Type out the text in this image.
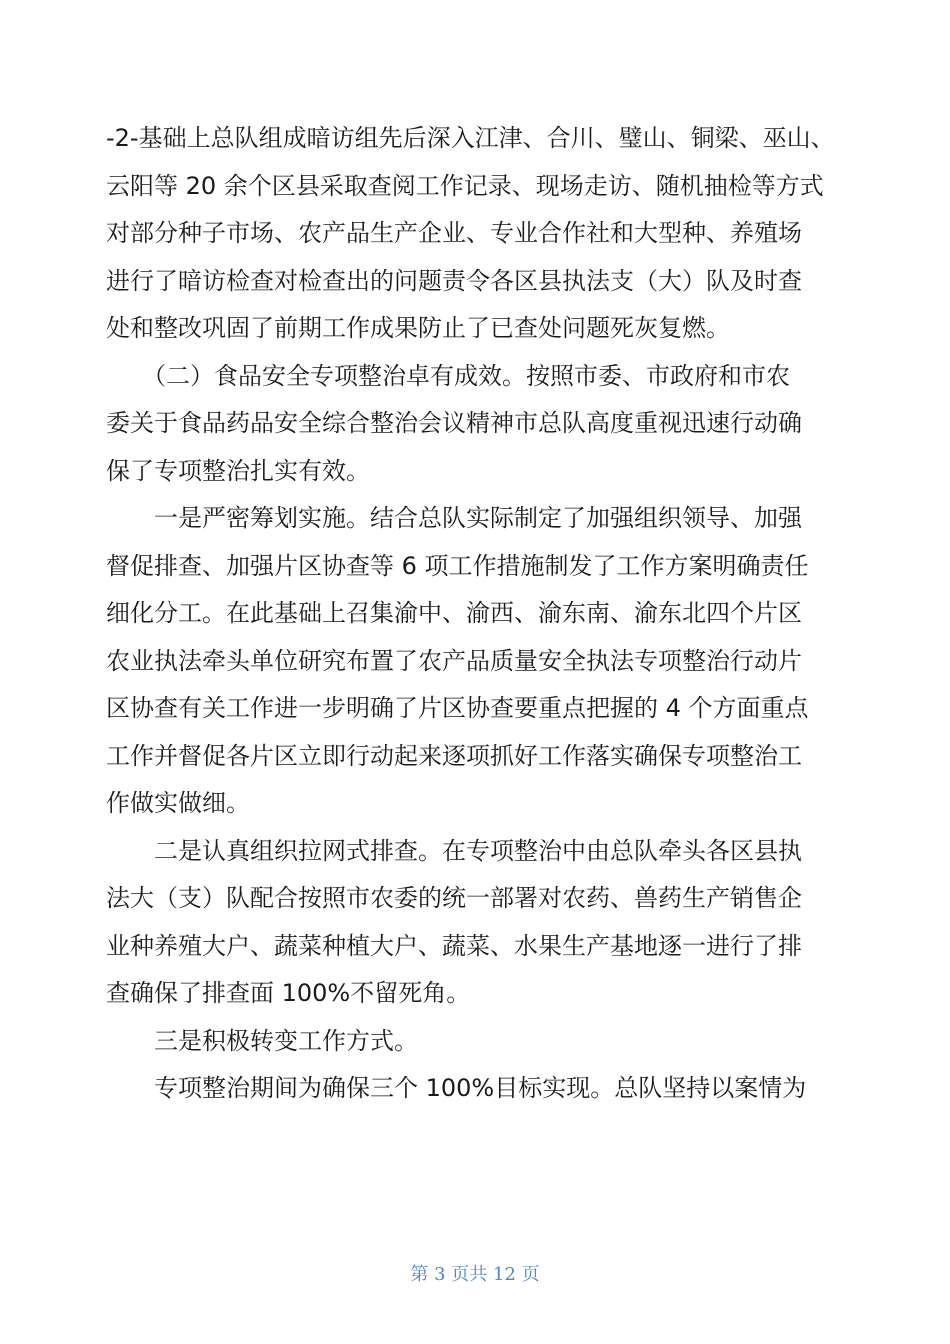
-2-基础上总队组成暗访组先后深入江津、合川、璧山、铜梁、巫山、
云阳等 20 余个区县采取查阅工作记录、现场走访、随机抽检等方式
对部分种子市场、农产品生产企业、专业合作社和大型种、养殖场
进行了暗访检查对检查出的问题责令各区县执法支（大）队及时查
处和整改巩固了前期工作成果防止了已查处问题死灰复燃。
　　（二）食品安全专项整治卓有成效。按照市委、市政府和市农
委关于食品药品安全综合整治会议精神市总队高度重视迅速行动确
保了专项整治扎实有效。
　　一是严密筹划实施。结合总队实际制定了加强组织领导、加强
督促排查、加强片区协查等 6 项工作措施制发了工作方案明确责任
细化分工。在此基础上召集渝中、渝西、渝东南、渝东北四个片区
农业执法牵头单位研究布置了农产品质量安全执法专项整治行动片
区协查有关工作进一步明确了片区协查要重点把握的 4 个方面重点
工作并督促各片区立即行动起来逐项抓好工作落实确保专项整治工
作做实做细。
　　二是认真组织拉网式排查。在专项整治中由总队牵头各区县执
法大（支）队配合按照市农委的统一部署对农药、兽药生产销售企
业种养殖大户、蔬菜种植大户、蔬菜、水果生产基地逐一进行了排
查确保了排查面 100%不留死角。
　　三是积极转变工作方式。
　　专项整治期间为确保三个 100%目标实现。总队坚持以案情为
第 3 页共 12 页
